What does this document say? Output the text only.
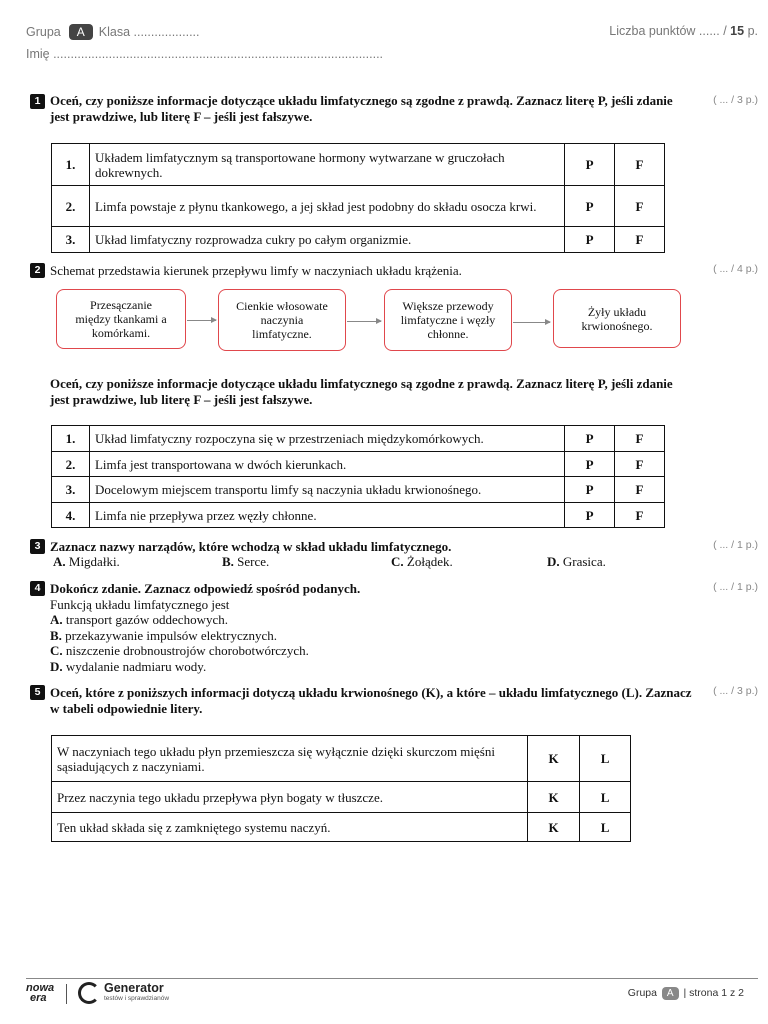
Grupa A Klasa ...................	Liczba punktów ...... / 15 p.
Imię ...............................................................................................
1 Oceń, czy poniższe informacje dotyczące układu limfatycznego są zgodne z prawdą. Zaznacz literę P, jeśli zdanie jest prawdziwe, lub literę F – jeśli jest fałszywe.
( ... / 3 p.)
1.	Układem limfatycznym są transportowane hormony wytwarzane w gruczołach dokrewnych.	P	F
2.	Limfa powstaje z płynu tkankowego, a jej skład jest podobny do składu osocza krwi.	P	F
3.	Układ limfatyczny rozprowadza cukry po całym organizmie.	P	F
2 Schemat przedstawia kierunek przepływu limfy w naczyniach układu krążenia.	( ... / 4 p.)
Przesączanie między tkankami a komórkami.
Cienkie włosowate naczynia limfatyczne.
Większe przewody limfatyczne i węzły chłonne.
Żyły układu krwionośnego.
Oceń, czy poniższe informacje dotyczące układu limfatycznego są zgodne z prawdą. Zaznacz literę P, jeśli zdanie jest prawdziwe, lub literę F – jeśli jest fałszywe.
1.	Układ limfatyczny rozpoczyna się w przestrzeniach międzykomórkowych.	P	F
2.	Limfa jest transportowana w dwóch kierunkach.	P	F
3.	Docelowym miejscem transportu limfy są naczynia układu krwionośnego.	P	F
4.	Limfa nie przepływa przez węzły chłonne.	P	F
3 Zaznacz nazwy narządów, które wchodzą w skład układu limfatycznego.	( ... / 1 p.)
A. Migdałki.	B. Serce.	C. Żołądek.	D. Grasica.
4 Dokończ zdanie. Zaznacz odpowiedź spośród podanych.	( ... / 1 p.)
Funkcją układu limfatycznego jest
A. transport gazów oddechowych.
B. przekazywanie impulsów elektrycznych.
C. niszczenie drobnoustrojów chorobotwórczych.
D. wydalanie nadmiaru wody.
5 Oceń, które z poniższych informacji dotyczą układu krwionośnego (K), a które – układu limfatycznego (L). Zaznacz w tabeli odpowiednie litery.
( ... / 3 p.)
W naczyniach tego układu płyn przemieszcza się wyłącznie dzięki skurczom mięśni sąsiadujących z naczyniami.	K	L
Przez naczynia tego układu przepływa płyn bogaty w tłuszcze.	K	L
Ten układ składa się z zamkniętego systemu naczyń.	K	L
nowa
era
Generator
testów i sprawdzianów	Grupa A | strona 1 z 2
